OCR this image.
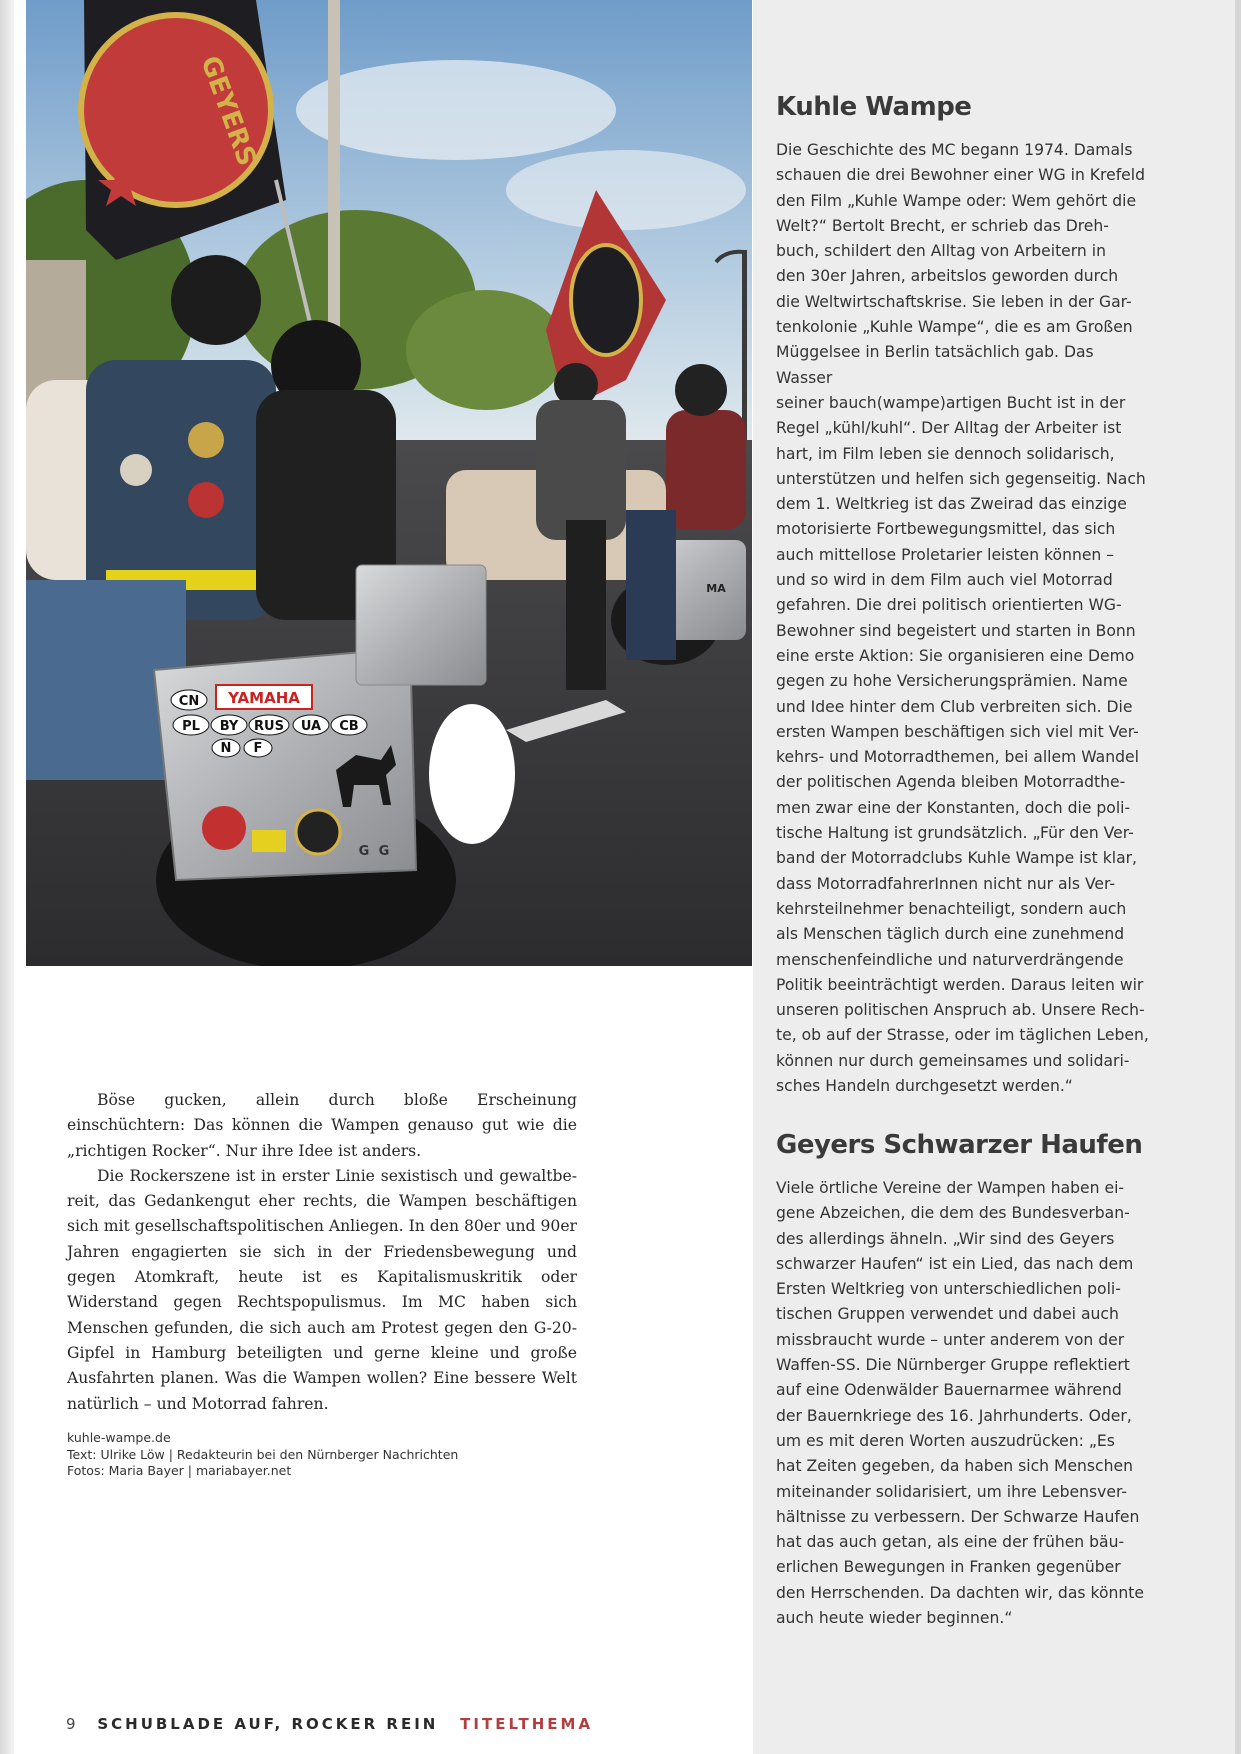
GEYERS
YAMAHA
CN
PL BY RUS UA CB
N F
G G
MA
Kuhle Wampe

Die Geschichte des MC begann 1974. Damals
schauen die drei Bewohner einer WG in Krefeld
den Film „Kuhle Wampe oder: Wem gehört die
Welt?“ Bertolt Brecht, er schrieb das Dreh-
buch, schildert den Alltag von Arbeitern in
den 30er Jahren, arbeitslos geworden durch
die Weltwirtschaftskrise. Sie leben in der Gar-
tenkolonie „Kuhle Wampe“, die es am Großen
Müggelsee in Berlin tatsächlich gab. Das Wasser
seiner bauch(wampe)artigen Bucht ist in der
Regel „kühl/kuhl“. Der Alltag der Arbeiter ist
hart, im Film leben sie dennoch solidarisch,
unterstützen und helfen sich gegenseitig. Nach
dem 1. Weltkrieg ist das Zweirad das einzige
motorisierte Fortbewegungsmittel, das sich
auch mittellose Proletarier leisten können –
und so wird in dem Film auch viel Motorrad
gefahren. Die drei politisch orientierten WG-
Bewohner sind begeistert und starten in Bonn
eine erste Aktion: Sie organisieren eine Demo
gegen zu hohe Versicherungsprämien. Name
und Idee hinter dem Club verbreiten sich. Die
ersten Wampen beschäftigen sich viel mit Ver-
kehrs- und Motorradthemen, bei allem Wandel
der politischen Agenda bleiben Motorradthe-
men zwar eine der Konstanten, doch die poli-
tische Haltung ist grundsätzlich. „Für den Ver-
band der Motorradclubs Kuhle Wampe ist klar,
dass MotorradfahrerInnen nicht nur als Ver-
kehrsteilnehmer benachteiligt, sondern auch
als Menschen täglich durch eine zunehmend
menschenfeindliche und naturverdrängende
Politik beeinträchtigt werden. Daraus leiten wir
unseren politischen Anspruch ab. Unsere Rech-
te, ob auf der Strasse, oder im täglichen Leben,
können nur durch gemeinsames und solidari-
sches Handeln durchgesetzt werden.“

Geyers Schwarzer Haufen

Viele örtliche Vereine der Wampen haben ei-
gene Abzeichen, die dem des Bundesverban-
des allerdings ähneln. „Wir sind des Geyers
schwarzer Haufen“ ist ein Lied, das nach dem
Ersten Weltkrieg von unterschiedlichen poli-
tischen Gruppen verwendet und dabei auch
missbraucht wurde – unter anderem von der
Waffen-SS. Die Nürnberger Gruppe reflektiert
auf eine Odenwälder Bauernarmee während
der Bauernkriege des 16. Jahrhunderts. Oder,
um es mit deren Worten auszudrücken: „Es
hat Zeiten gegeben, da haben sich Menschen
miteinander solidarisiert, um ihre Lebensver-
hältnisse zu verbessern. Der Schwarze Haufen
hat das auch getan, als eine der frühen bäu-
erlichen Bewegungen in Franken gegenüber
den Herrschenden. Da dachten wir, das könnte
auch heute wieder beginnen.“

Böse gucken, allein durch bloße Erscheinung einschüchtern: Das können die Wampen genauso gut wie die „richtigen Rocker“. Nur ihre Idee ist anders.

Die Rockerszene ist in erster Linie sexistisch und gewaltbereit, das Gedankengut eher rechts, die Wampen beschäftigen sich mit gesellschaftspolitischen Anliegen. In den 80er und 90er Jahren engagierten sie sich in der Friedensbewegung und gegen Atomkraft, heute ist es Kapitalismuskritik oder Widerstand gegen Rechtspopulismus. Im MC haben sich Menschen gefunden, die sich auch am Protest gegen den G-20-Gipfel in Hamburg beteiligten und gerne kleine und große Ausfahrten planen. Was die Wampen wollen? Eine bessere Welt natürlich – und Motorrad fahren.

kuhle-wampe.de
Text: Ulrike Löw | Redakteurin bei den Nürnberger Nachrichten
Fotos: Maria Bayer | mariabayer.net
9 SCHUBLADE AUF, ROCKER REIN TITELTHEMA
